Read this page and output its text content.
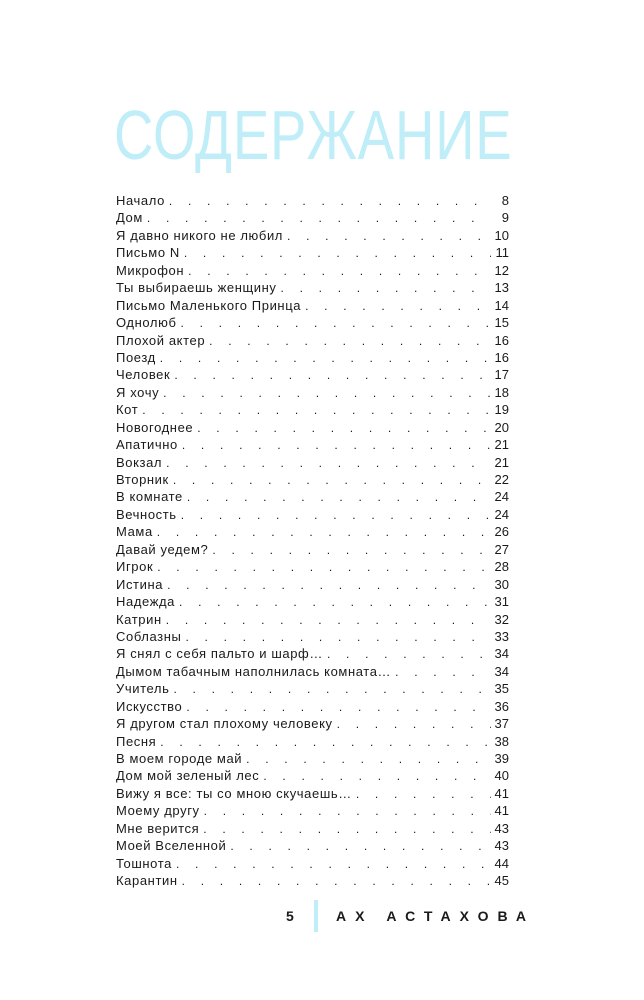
СОДЕРЖАНИЕ
Начало . . .	8
Дом . . .	9
Я давно никого не любил . . .	10
Письмо N . . .	11
Микрофон . . .	12
Ты выбираешь женщину . . .	13
Письмо Маленького Принца . . .	14
Однолюб . . .	15
Плохой актер . . .	16
Поезд . . .	16
Человек . . .	17
Я хочу . . .	18
Кот . . .	19
Новогоднее . . .	20
Апатично . . .	21
Вокзал . . .	21
Вторник . . .	22
В комнате . . .	24
Вечность . . .	24
Мама . . .	26
Давай уедем? . . .	27
Игрок . . .	28
Истина . . .	30
Надежда . . .	31
Катрин . . .	32
Соблазны . . .	33
Я снял с себя пальто и шарф… . . .	34
Дымом табачным наполнилась комната… . . .	34
Учитель . . .	35
Искусство . . .	36
Я другом стал плохому человеку . . .	37
Песня . . .	38
В моем городе май . . .	39
Дом мой зеленый лес . . .	40
Вижу я все: ты со мною скучаешь… . . .	41
Моему другу . . .	41
Мне верится . . .	43
Моей Вселенной . . .	43
Тошнота . . .	44
Карантин . . .	45
5	АХ АСТАХОВА
